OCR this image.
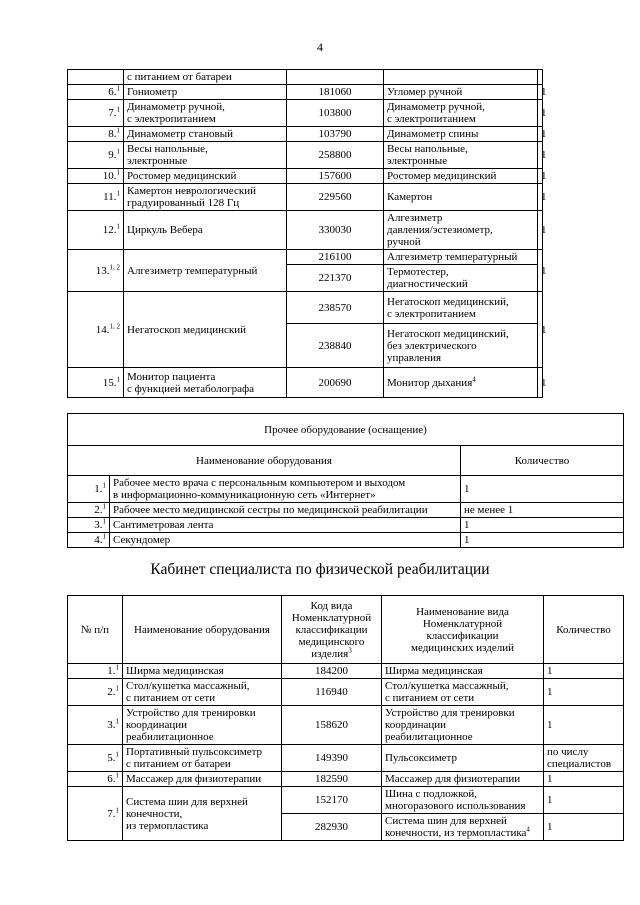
4
	с питанием от батареи			
6.$^1$	Гониометр	181060	Угломер ручной	1
7.$^1$	Динамометр ручной,
с электропитанием	103800	Динамометр ручной,
с электропитанием	1
8.$^1$	Динамометр становый	103790	Динамометр спины	1
9.$^1$	Весы напольные,
электронные	258800	Весы напольные,
электронные	1
10.$^1$	Ростомер медицинский	157600	Ростомер медицинский	1
11.$^1$	Камертон неврологический
градуированный 128 Гц	229560	Камертон	1
12.$^1$	Циркуль Вебера	330030	Алгезиметр
давления/эстезиометр,
ручной	1
13.$^{1, 2}$	Алгезиметр температурный	216100	Алгезиметр температурный	1
		221370	Термотестер,
диагностический	
14.$^{1, 2}$	Негатоскоп медицинский	238570	Негатоскоп медицинский,
с электропитанием	1
		238840	Негатоскоп медицинский,
без электрического
управления	
15.$^1$	Монитор пациента
с функцией метаболографа	200690	Монитор дыхания$^4$	1
Прочее оборудование (оснащение)		
Наименование оборудования		Количество
1.$^1$	Рабочее место врача с персональным компьютером и выходом
в информационно-коммуникационную сеть «Интернет»	1
2.$^1$	Рабочее место медицинской сестры по медицинской реабилитации	не менее 1
3.$^1$	Сантиметровая лента	1
4.$^1$	Секундомер	1
Кабинет специалиста по физической реабилитации
№ п/п	Наименование оборудования	Код вида
Номенклатурной
классификации
медицинского
изделия$^3$	Наименование вида
Номенклатурной
классификации
медицинских изделий	Количество
1.$^1$	Ширма медицинская	184200	Ширма медицинская	1
2.$^1$	Стол/кушетка массажный,
с питанием от сети	116940	Стол/кушетка массажный,
с питанием от сети	1
3.$^1$	Устройство для тренировки
координации
реабилитационное	158620	Устройство для тренировки
координации
реабилитационное	1
5.$^1$	Портативный пульсоксиметр
с питанием от батареи	149390	Пульсоксиметр	по числу
специалистов
6.$^1$	Массажер для физиотерапии	182590	Массажер для физиотерапии	1
7.$^1$	Система шин для верхней
конечности,
из термопластика	152170	Шина с подложкой,
многоразового использования	1
		282930	Система шин для верхней
конечности, из термопластика$^4$	1
